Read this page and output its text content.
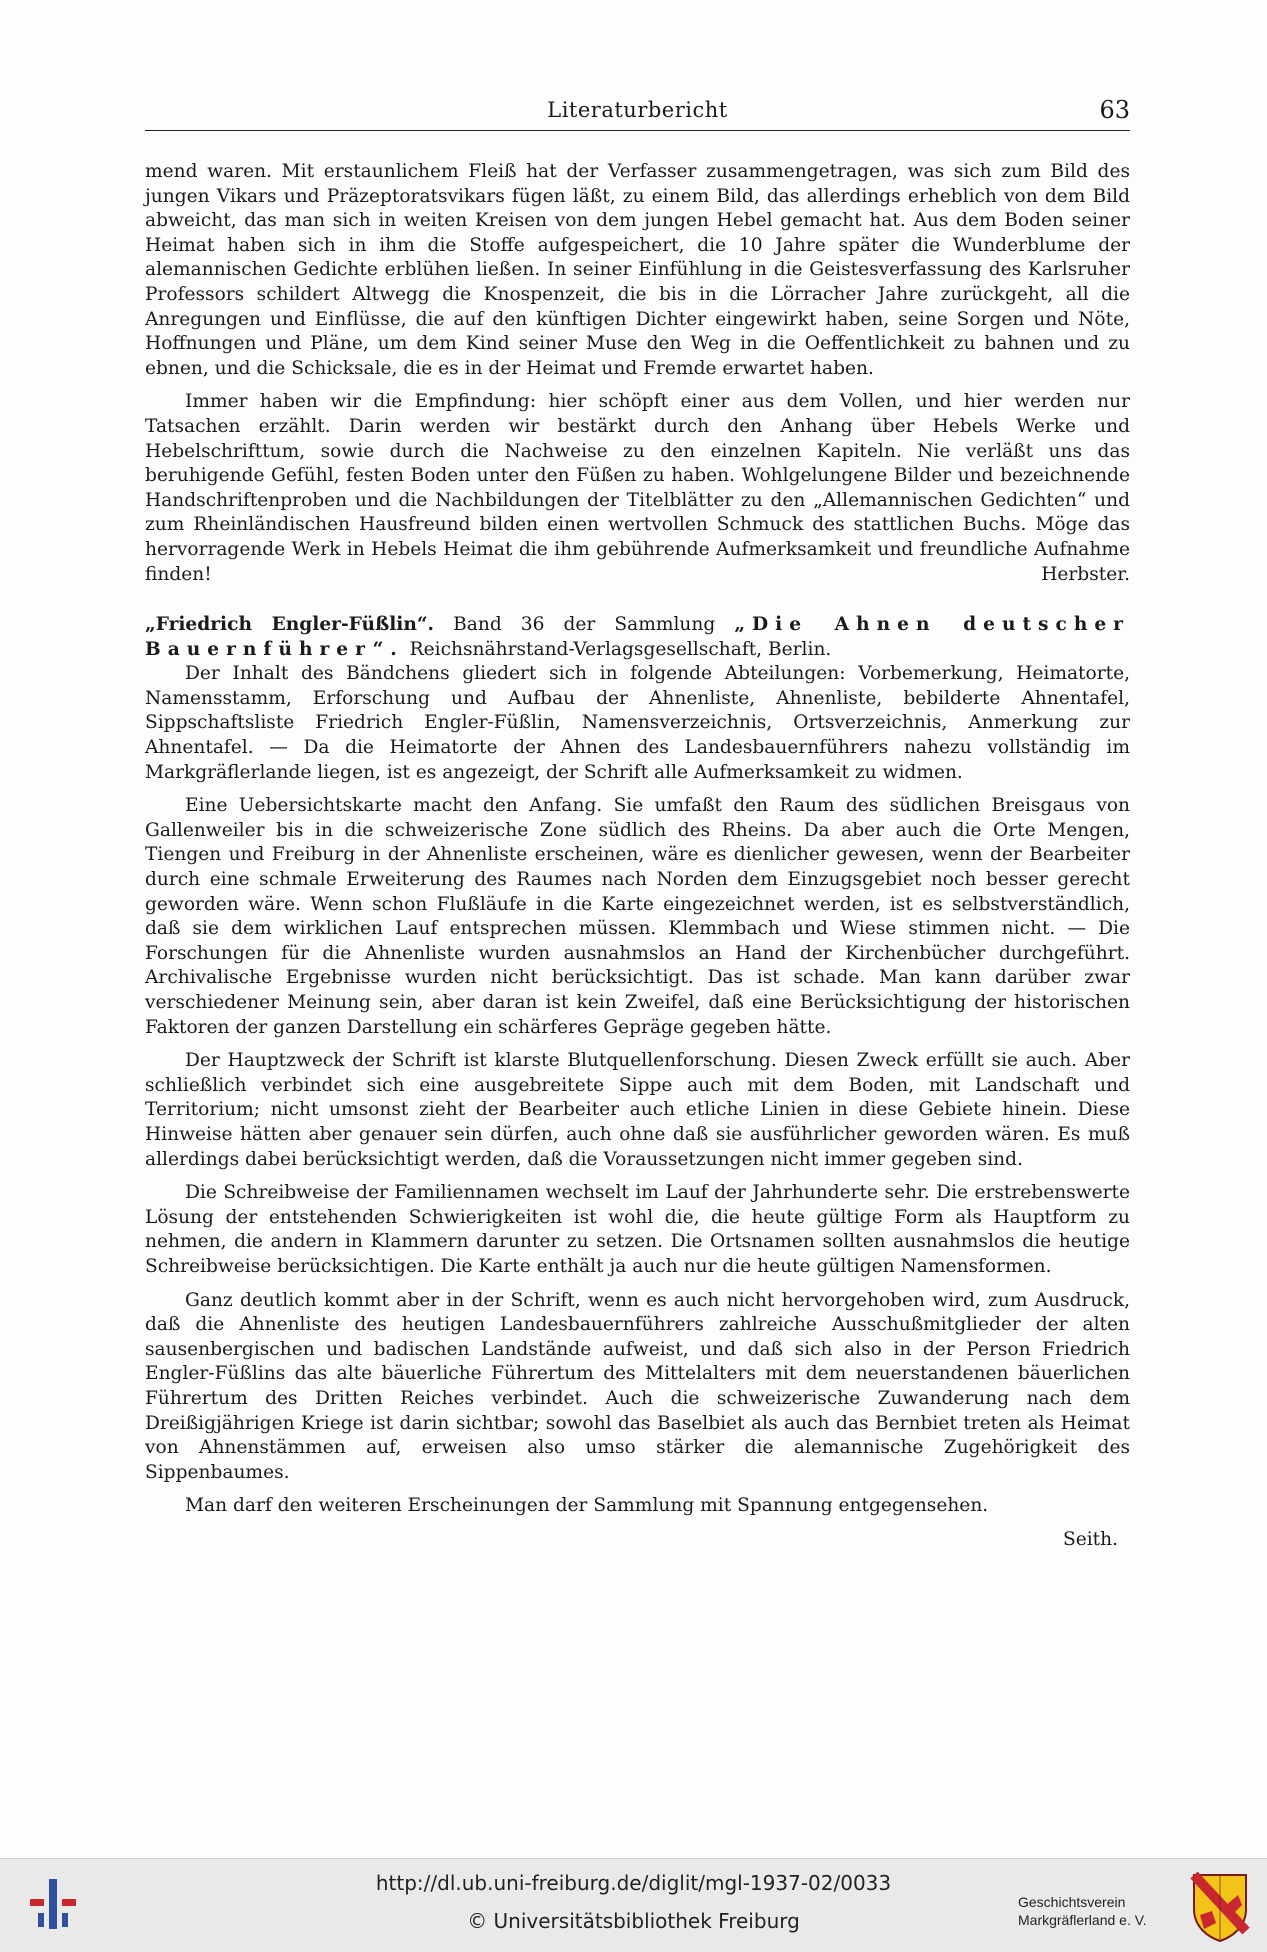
Literaturbericht	63

mend waren. Mit erstaunlichem Fleiß hat der Verfasser zusammengetragen, was sich zum Bild des jungen Vikars und Präzeptoratsvikars fügen läßt, zu einem Bild, das allerdings erheblich von dem Bild abweicht, das man sich in weiten Kreisen von dem jungen Hebel gemacht hat. Aus dem Boden seiner Heimat haben sich in ihm die Stoffe aufgespeichert, die 10 Jahre später die Wunderblume der alemannischen Gedichte erblühen ließen. In seiner Einfühlung in die Geistesverfassung des Karlsruher Professors schildert Altwegg die Knospenzeit, die bis in die Lörracher Jahre zurückgeht, all die Anregungen und Einflüsse, die auf den künftigen Dichter eingewirkt haben, seine Sorgen und Nöte, Hoffnungen und Pläne, um dem Kind seiner Muse den Weg in die Oeffentlichkeit zu bahnen und zu ebnen, und die Schicksale, die es in der Heimat und Fremde erwartet haben.

Immer haben wir die Empfindung: hier schöpft einer aus dem Vollen, und hier werden nur Tatsachen erzählt. Darin werden wir bestärkt durch den Anhang über Hebels Werke und Hebelschrifttum, sowie durch die Nachweise zu den einzelnen Kapiteln. Nie verläßt uns das beruhigende Gefühl, festen Boden unter den Füßen zu haben. Wohlgelungene Bilder und bezeichnende Handschriftenproben und die Nachbildungen der Titelblätter zu den „Allemannischen Gedichten“ und zum Rheinländischen Hausfreund bilden einen wertvollen Schmuck des stattlichen Buchs. Möge das hervorragende Werk in Hebels Heimat die ihm gebührende Aufmerksamkeit und freundliche Aufnahme finden!	Herbster.

„Friedrich Engler-Füßlin“. Band 36 der Sammlung „Die Ahnen deutscher Bauernführer“. Reichsnährstand-Verlagsgesellschaft, Berlin.

Der Inhalt des Bändchens gliedert sich in folgende Abteilungen: Vorbemerkung, Heimatorte, Namensstamm, Erforschung und Aufbau der Ahnenliste, Ahnenliste, bebilderte Ahnentafel, Sippschaftsliste Friedrich Engler-Füßlin, Namensverzeichnis, Ortsverzeichnis, Anmerkung zur Ahnentafel. — Da die Heimatorte der Ahnen des Landesbauernführers nahezu vollständig im Markgräflerlande liegen, ist es angezeigt, der Schrift alle Aufmerksamkeit zu widmen.

Eine Uebersichtskarte macht den Anfang. Sie umfaßt den Raum des südlichen Breisgaus von Gallenweiler bis in die schweizerische Zone südlich des Rheins. Da aber auch die Orte Mengen, Tiengen und Freiburg in der Ahnenliste erscheinen, wäre es dienlicher gewesen, wenn der Bearbeiter durch eine schmale Erweiterung des Raumes nach Norden dem Einzugsgebiet noch besser gerecht geworden wäre. Wenn schon Flußläufe in die Karte eingezeichnet werden, ist es selbstverständlich, daß sie dem wirklichen Lauf entsprechen müssen. Klemmbach und Wiese stimmen nicht. — Die Forschungen für die Ahnenliste wurden ausnahmslos an Hand der Kirchenbücher durchgeführt. Archivalische Ergebnisse wurden nicht berücksichtigt. Das ist schade. Man kann darüber zwar verschiedener Meinung sein, aber daran ist kein Zweifel, daß eine Berücksichtigung der historischen Faktoren der ganzen Darstellung ein schärferes Gepräge gegeben hätte.

Der Hauptzweck der Schrift ist klarste Blutquellenforschung. Diesen Zweck erfüllt sie auch. Aber schließlich verbindet sich eine ausgebreitete Sippe auch mit dem Boden, mit Landschaft und Territorium; nicht umsonst zieht der Bearbeiter auch etliche Linien in diese Gebiete hinein. Diese Hinweise hätten aber genauer sein dürfen, auch ohne daß sie ausführlicher geworden wären. Es muß allerdings dabei berücksichtigt werden, daß die Voraussetzungen nicht immer gegeben sind.

Die Schreibweise der Familiennamen wechselt im Lauf der Jahrhunderte sehr. Die erstrebenswerte Lösung der entstehenden Schwierigkeiten ist wohl die, die heute gültige Form als Hauptform zu nehmen, die andern in Klammern darunter zu setzen. Die Ortsnamen sollten ausnahmslos die heutige Schreibweise berücksichtigen. Die Karte enthält ja auch nur die heute gültigen Namensformen.

Ganz deutlich kommt aber in der Schrift, wenn es auch nicht hervorgehoben wird, zum Ausdruck, daß die Ahnenliste des heutigen Landesbauernführers zahlreiche Ausschußmitglieder der alten sausenbergischen und badischen Landstände aufweist, und daß sich also in der Person Friedrich Engler-Füßlins das alte bäuerliche Führertum des Mittelalters mit dem neuerstandenen bäuerlichen Führertum des Dritten Reiches verbindet. Auch die schweizerische Zuwanderung nach dem Dreißigjährigen Kriege ist darin sichtbar; sowohl das Baselbiet als auch das Bernbiet treten als Heimat von Ahnenstämmen auf, erweisen also umso stärker die alemannische Zugehörigkeit des Sippenbaumes.

Man darf den weiteren Erscheinungen der Sammlung mit Spannung entgegensehen.

Seith.

http://dl.ub.uni-freiburg.de/diglit/mgl-1937-02/0033
© Universitätsbibliothek Freiburg
Geschichtsverein
Markgräflerland e. V.
